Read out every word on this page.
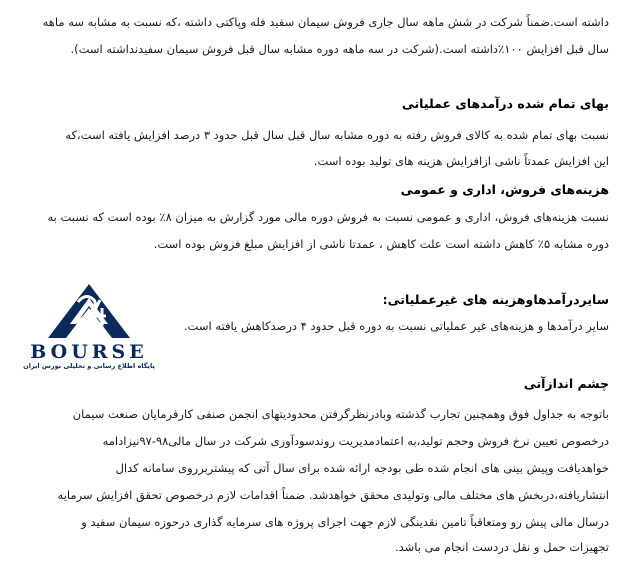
داشته است.ضمناً شرکت در شش ماهه سال جاری فروش سیمان سفید فله وپاکتی داشته ،که نسبت به مشابه سه ماهه
سال قبل افزایش ۱۰۰٪داشته است.(شرکت در سه ماهه دوره مشابه سال قبل فروش سیمان سفیدنداشته است).
بهای تمام شده درآمدهای عملیاتی
نسبت بهای تمام شده به کالای فروش رفته به دوره مشابه سال قبل سال قبل حدود ۳ درصد افزایش یافته است،که
این افزایش عمدتاً ناشی ازافزایش هزینه های تولید بوده است.
هزینه‌های فروش، اداری و عمومی
نسبت هزینه‌های فروش، اداری و عمومی نسبت به فروش دوره مالی مورد گزارش به میزان ۸٪ بوده است که نسبت به
دوره مشابه ۵٪ کاهش داشته است علت کاهش ، عمدتا ناشی از افزایش مبلغ فروش بوده است.
سایردرآمدهاوهزینه های غیرعملیاتی:
سایر درآمدها و هزینه‌های غیر عملیاتی نسبت به دوره قبل حدود ۴ درصدکاهش یافته است.
چشم اندازآتی
باتوجه به جداول فوق وهمچنین تجارب گذشته وبادرنظرگرفتن محدودیتهای انجمن صنفی کارفرمایان صنعت سیمان
درخصوص تعیین نرخ فروش وحجم تولید،به اعتمادمدیریت روندسودآوری شرکت در سال مالی۹۸-۹۷نیزادامه
خواهدیافت وپیش بینی های انجام شده طی بودجه ارائه شده برای سال آتی که پیشتربرروی سامانه کدال
انتشاریافته،دربخش های مختلف مالی وتولیدی محقق خواهدشد. ضمناً اقدامات لازم درخصوص تحقق افزایش سرمایه
درسال مالی پیش رو ومتعاقباً تامین نقدینگی لازم جهت اجرای پروژه های سرمایه گذاری درحوزه سیمان سفید و
تجهیزات حمل و نقل دردست انجام می باشد.
BOURSE
پایگاه اطلاع رسانی و تحلیلی بورس ایران
